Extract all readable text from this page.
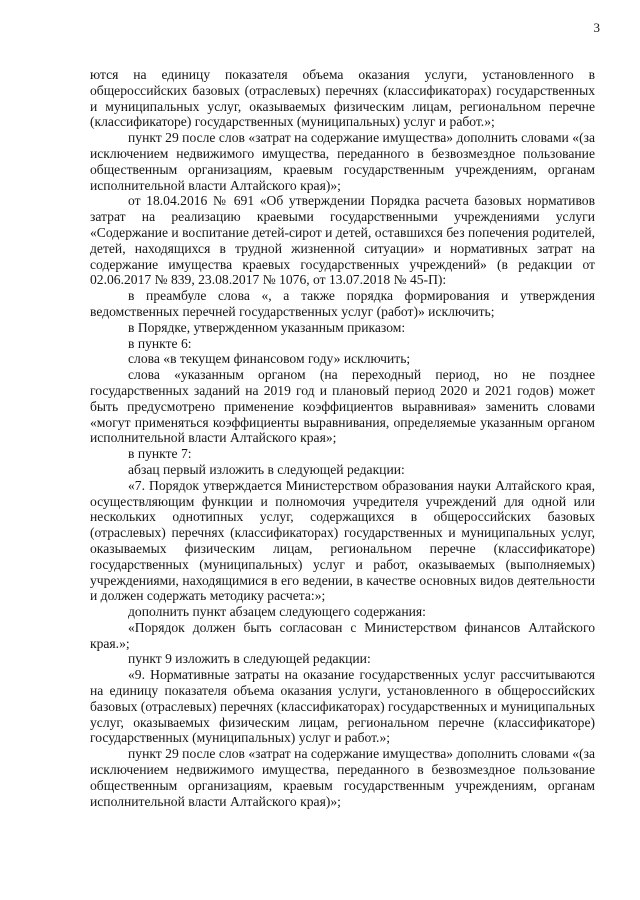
3

ются на единицу показателя объема оказания услуги, установленного в общероссийских базовых (отраслевых) перечнях (классификаторах) государственных и муниципальных услуг, оказываемых физическим лицам, региональном перечне (классификаторе) государственных (муниципальных) услуг и работ.»;

пункт 29 после слов «затрат на содержание имущества» дополнить словами «(за исключением недвижимого имущества, переданного в безвозмездное пользование общественным организациям, краевым государственным учреждениям, органам исполнительной власти Алтайского края)»;

от 18.04.2016 № 691 «Об утверждении Порядка расчета базовых нормативов затрат на реализацию краевыми государственными учреждениями услуги «Содержание и воспитание детей-сирот и детей, оставшихся без попечения родителей, детей, находящихся в трудной жизненной ситуации» и нормативных затрат на содержание имущества краевых государственных учреждений» (в редакции от 02.06.2017 № 839, 23.08.2017 № 1076, от 13.07.2018 № 45-П):

в преамбуле слова «, а также порядка формирования и утверждения ведомственных перечней государственных услуг (работ)» исключить;

в Порядке, утвержденном указанным приказом:

в пункте 6:

слова «в текущем финансовом году» исключить;

слова «указанным органом (на переходный период, но не позднее государственных заданий на 2019 год и плановый период 2020 и 2021 годов) может быть предусмотрено применение коэффициентов выравнивая» заменить словами «могут применяться коэффициенты выравнивания, определяемые указанным органом исполнительной власти Алтайского края»;

в пункте 7:

абзац первый изложить в следующей редакции:

«7. Порядок утверждается Министерством образования науки Алтайского края, осуществляющим функции и полномочия учредителя учреждений для одной или нескольких однотипных услуг, содержащихся в общероссийских базовых (отраслевых) перечнях (классификаторах) государственных и муниципальных услуг, оказываемых физическим лицам, региональном перечне (классификаторе) государственных (муниципальных) услуг и работ, оказываемых (выполняемых) учреждениями, находящимися в его ведении, в качестве основных видов деятельности и должен содержать методику расчета:»;

дополнить пункт абзацем следующего содержания:

«Порядок должен быть согласован с Министерством финансов Алтайского края.»;

пункт 9 изложить в следующей редакции:

«9. Нормативные затраты на оказание государственных услуг рассчитываются на единицу показателя объема оказания услуги, установленного в общероссийских базовых (отраслевых) перечнях (классификаторах) государственных и муниципальных услуг, оказываемых физическим лицам, региональном перечне (классификаторе) государственных (муниципальных) услуг и работ.»;

пункт 29 после слов «затрат на содержание имущества» дополнить словами «(за исключением недвижимого имущества, переданного в безвозмездное пользование общественным организациям, краевым государственным учреждениям, органам исполнительной власти Алтайского края)»;
